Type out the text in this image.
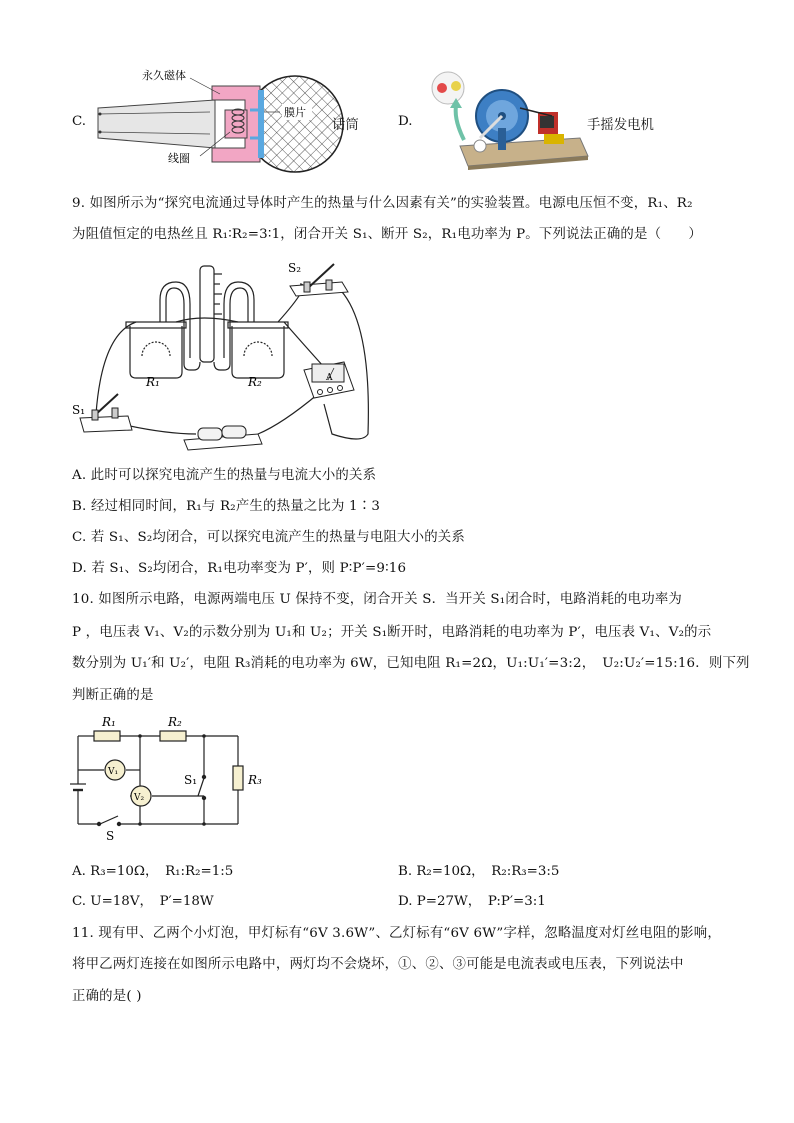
C.
永久磁体
线圈
膜片
话筒	D.	手摇发电机
9. 如图所示为“探究电流通过导体时产生的热量与什么因素有关”的实验装置。电源电压恒不变，R₁、R₂
为阻值恒定的电热丝且 R₁∶R₂=3∶1，闭合开关 S₁、断开 S₂，R₁电功率为 P。下列说法正确的是（　　）
A
R₁	R₂
S₁
S₂
A. 此时可以探究电流产生的热量与电流大小的关系
B. 经过相同时间，R₁与 R₂产生的热量之比为 1∶3
C. 若 S₁、S₂均闭合，可以探究电流产生的热量与电阻大小的关系
D. 若 S₁、S₂均闭合，R₁电功率变为 P′，则 P∶P′=9∶16
10. 如图所示电路，电源两端电压 U 保持不变，闭合开关 S．当开关 S₁闭合时，电路消耗的电功率为
P ，电压表 V₁、V₂的示数分别为 U₁和 U₂；开关 S₁断开时，电路消耗的电功率为 P′，电压表 V₁、V₂的示
数分别为 U₁′和 U₂′，电阻 R₃消耗的电功率为 6W，已知电阻 R₁=2Ω，U₁:U₁′=3:2，　U₂:U₂′=15:16．则下列
判断正确的是
R₁	R₂
R₃
V₁
V₂
S₁
S
A. R₃=10Ω，　R₁:R₂=1:5	B. R₂=10Ω，　R₂:R₃=3:5
C. U=18V，　P′=18W	D. P=27W，　P:P′=3:1
11. 现有甲、乙两个小灯泡，甲灯标有“6V 3.6W”、乙灯标有“6V 6W”字样，忽略温度对灯丝电阻的影响，
将甲乙两灯连接在如图所示电路中，两灯均不会烧坏，①、②、③可能是电流表或电压表，下列说法中
正确的是( )
